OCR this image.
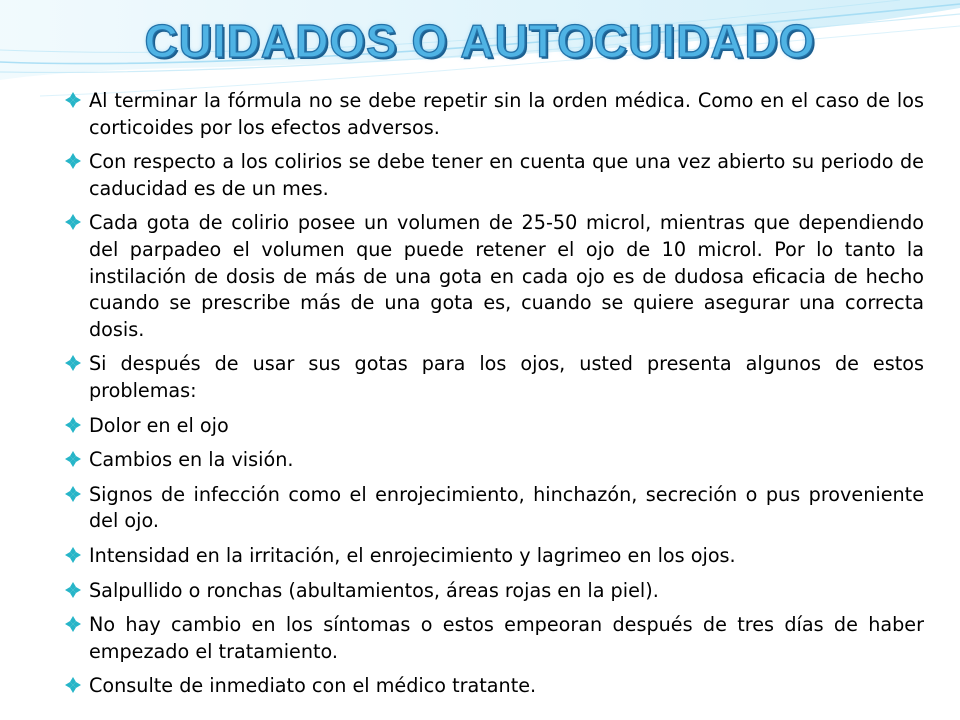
CUIDADOS O AUTOCUIDADO
Al terminar la fórmula no se debe repetir sin la orden médica. Como en el caso de los corticoides por los efectos adversos.
Con respecto a los colirios se debe tener en cuenta que una vez abierto su periodo de caducidad es de un mes.
Cada gota de colirio posee un volumen de 25-50 microl, mientras que dependiendo del parpadeo el volumen que puede retener el ojo de 10 microl. Por lo tanto la instilación de dosis de más de una gota en cada ojo es de dudosa eficacia de hecho cuando se prescribe más de una gota es, cuando se quiere asegurar una correcta dosis.
Si después de usar sus gotas para los ojos, usted presenta algunos de estos problemas:
Dolor en el ojo
Cambios en la visión.
Signos de infección como el enrojecimiento, hinchazón, secreción o pus proveniente del ojo.
Intensidad en la irritación, el enrojecimiento y lagrimeo en los ojos.
Salpullido o ronchas (abultamientos, áreas rojas en la piel).
No hay cambio en los síntomas o estos empeoran después de tres días de haber empezado el tratamiento.
Consulte de inmediato con el médico tratante.
